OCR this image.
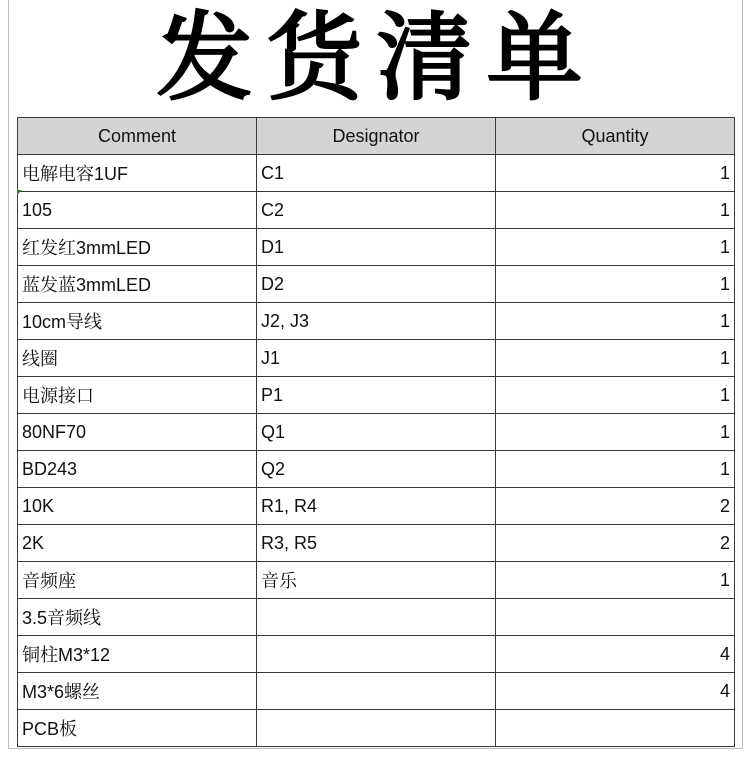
发货清单
Comment	Designator	Quantity
电解电容1UF	C1	1
105	C2	1
红发红3mmLED	D1	1
蓝发蓝3mmLED	D2	1
10cm导线	J2, J3	1
线圈	J1	1
电源接口	P1	1
80NF70	Q1	1
BD243	Q2	1
10K	R1, R4	2
2K	R3, R5	2
音频座	音乐	1
3.5音频线		
铜柱M3*12		4
M3*6螺丝		4
PCB板		
